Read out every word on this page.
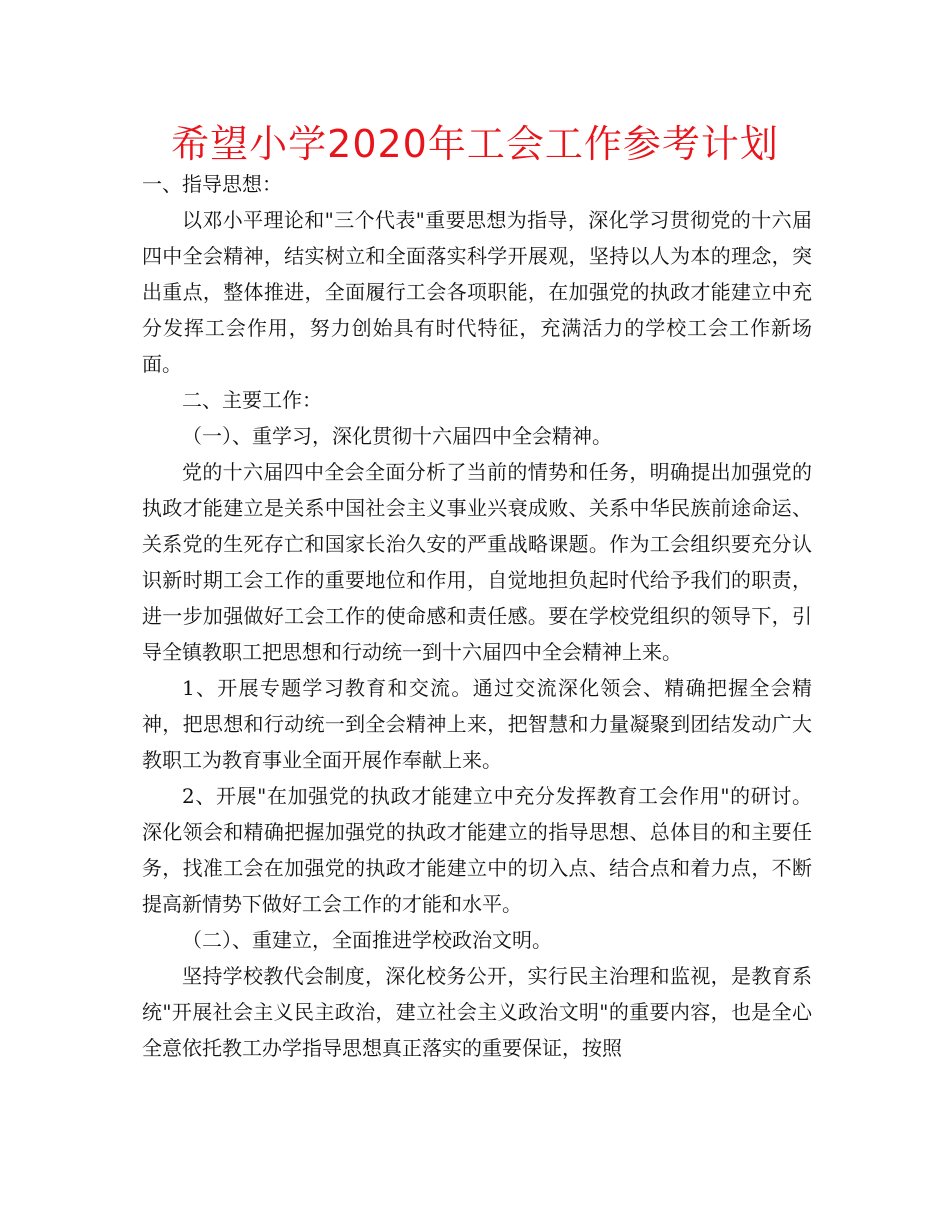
希望小学2020年工会工作参考计划

一、指导思想：

以邓小平理论和"三个代表"重要思想为指导，深化学习贯彻党的十六届四中全会精神，结实树立和全面落实科学开展观，坚持以人为本的理念，突出重点，整体推进，全面履行工会各项职能，在加强党的执政才能建立中充分发挥工会作用，努力创始具有时代特征，充满活力的学校工会工作新场面。

二、主要工作：

（一）、重学习，深化贯彻十六届四中全会精神。

党的十六届四中全会全面分析了当前的情势和任务，明确提出加强党的执政才能建立是关系中国社会主义事业兴衰成败、关系中华民族前途命运、关系党的生死存亡和国家长治久安的严重战略课题。作为工会组织要充分认识新时期工会工作的重要地位和作用，自觉地担负起时代给予我们的职责，进一步加强做好工会工作的使命感和责任感。要在学校党组织的领导下，引导全镇教职工把思想和行动统一到十六届四中全会精神上来。

1、开展专题学习教育和交流。通过交流深化领会、精确把握全会精神，把思想和行动统一到全会精神上来，把智慧和力量凝聚到团结发动广大教职工为教育事业全面开展作奉献上来。

2、开展"在加强党的执政才能建立中充分发挥教育工会作用"的研讨。深化领会和精确把握加强党的执政才能建立的指导思想、总体目的和主要任务，找准工会在加强党的执政才能建立中的切入点、结合点和着力点，不断提高新情势下做好工会工作的才能和水平。

（二）、重建立，全面推进学校政治文明。

坚持学校教代会制度，深化校务公开，实行民主治理和监视，是教育系统"开展社会主义民主政治，建立社会主义政治文明"的重要内容，也是全心全意依托教工办学指导思想真正落实的重要保证，按照
